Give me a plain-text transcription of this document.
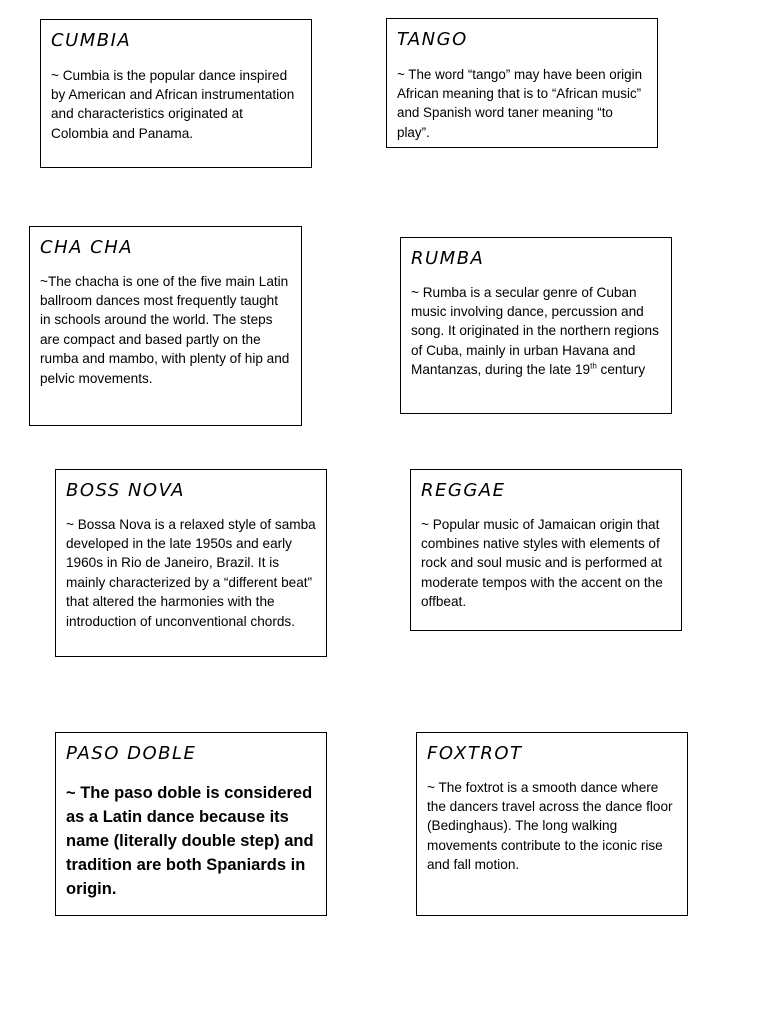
CUMBIA

~ Cumbia is the popular dance inspired by American and African instrumentation and characteristics originated at Colombia and Panama.

TANGO

~ The word “tango” may have been origin African meaning that is to “African music” and Spanish word taner meaning “to play”.

CHA CHA

~The chacha is one of the five main Latin ballroom dances most frequently taught in schools around the world. The steps are compact and based partly on the rumba and mambo, with plenty of hip and pelvic movements.

RUMBA

~ Rumba is a secular genre of Cuban music involving dance, percussion and song. It originated in the northern regions of Cuba, mainly in urban Havana and Mantanzas, during the late 19th century

BOSS NOVA

~ Bossa Nova is a relaxed style of samba developed in the late 1950s and early 1960s in Rio de Janeiro, Brazil. It is mainly characterized by a “different beat” that altered the harmonies with the introduction of unconventional chords.

REGGAE

~ Popular music of Jamaican origin that combines native styles with elements of rock and soul music and is performed at moderate tempos with the accent on the offbeat.

PASO DOBLE

~ The paso doble is considered as a Latin dance because its name (literally double step) and tradition are both Spaniards in origin.

FOXTROT

~ The foxtrot is a smooth dance where the dancers travel across the dance floor (Bedinghaus). The long walking movements contribute to the iconic rise and fall motion.
